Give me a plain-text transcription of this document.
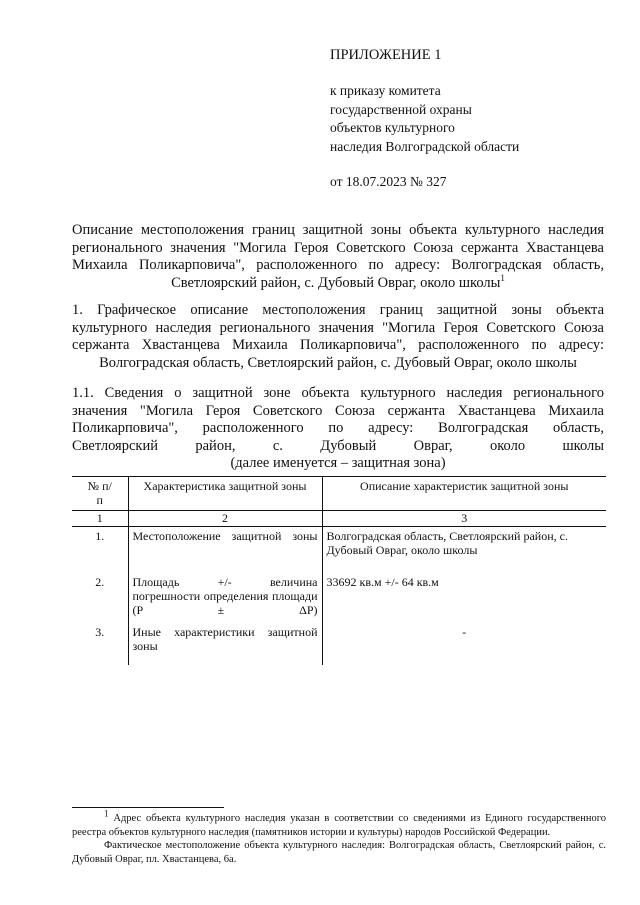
ПРИЛОЖЕНИЕ 1
к приказу комитета
государственной охраны
объектов культурного
наследия Волгоградской области
от 18.07.2023 № 327
Описание местоположения границ защитной зоны объекта культурного наследия
регионального значения "Могила Героя Советского Союза сержанта Хвастанцева
Михаила Поликарповича", расположенного по адресу: Волгоградская область,
Светлоярский район, с. Дубовый Овраг, около школы$^1$
1. Графическое описание местоположения границ защитной зоны объекта
культурного наследия регионального значения "Могила Героя Советского Союза
сержанта Хвастанцева Михаила Поликарповича", расположенного по адресу:
Волгоградская область, Светлоярский район, с. Дубовый Овраг, около школы
1.1. Сведения о защитной зоне объекта культурного наследия регионального
значения "Могила Героя Советского Союза сержанта Хвастанцева Михаила
Поликарповича", расположенного по адресу: Волгоградская область,
Светлоярский район, с. Дубовый Овраг, около школы
(далее именуется – защитная зона)
№ п/п	Характеристика защитной зоны	Описание характеристик защитной зоны
1	2	3
1.	Местоположение защитной зоны	Волгоградская область, Светлоярский район, с. Дубовый Овраг, около школы
2.	Площадь +/- величина погрешности определения площади (P ± ΔP)	33692 кв.м +/- 64 кв.м
3.	Иные характеристики защитной зоны	-

$^1$ Адрес объекта культурного наследия указан в соответствии со сведениями из Единого государственного реестра объектов культурного наследия (памятников истории и культуры) народов Российской Федерации.

Фактическое местоположение объекта культурного наследия: Волгоградская область, Светлоярский район, с. Дубовый Овраг, пл. Хвастанцева, 6а.
